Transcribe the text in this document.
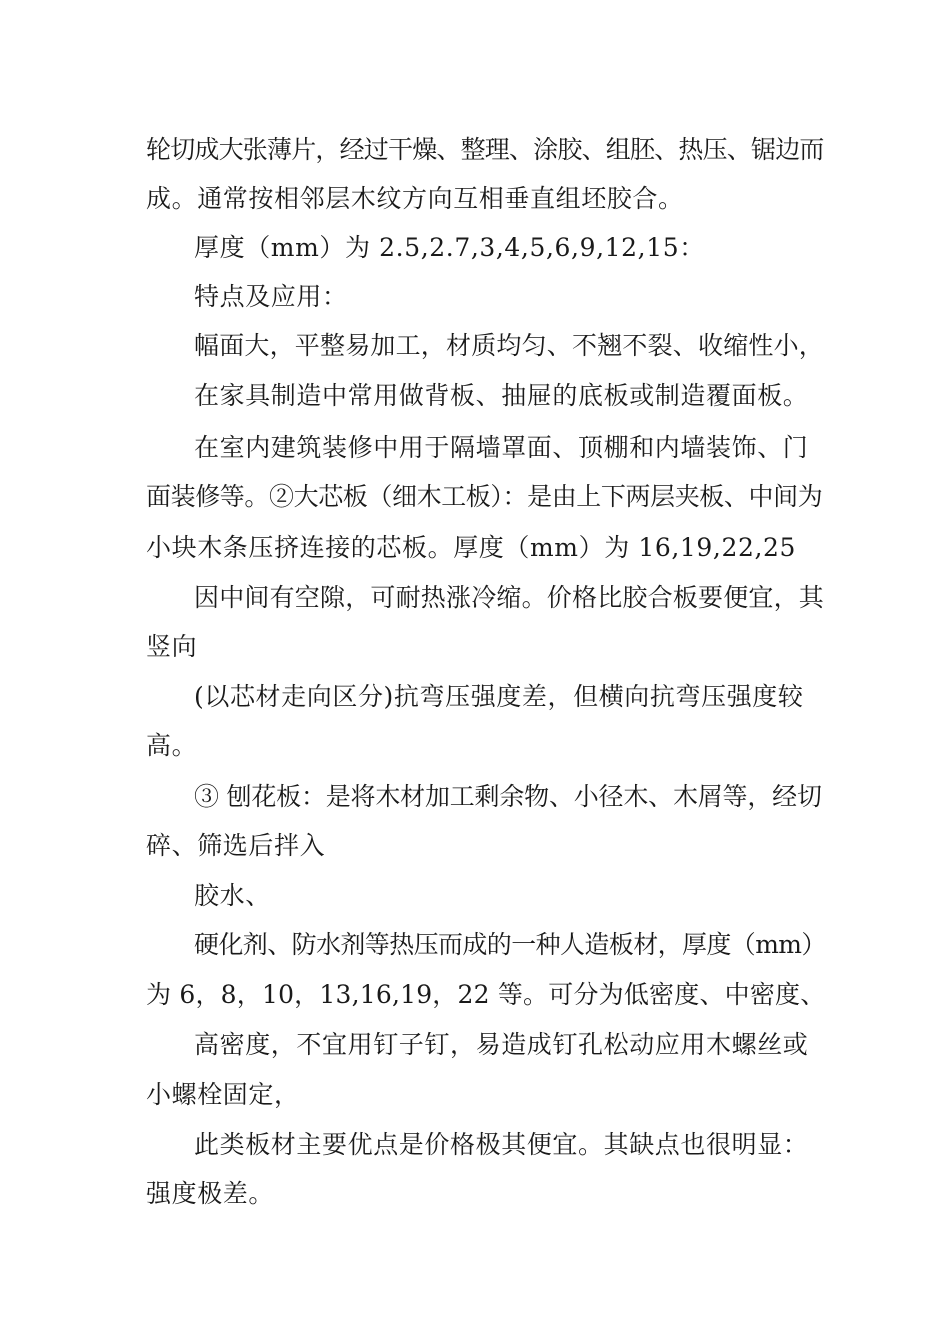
轮切成大张薄片，经过干燥、整理、涂胶、组胚、热压、锯边而

成。通常按相邻层木纹方向互相垂直组坯胶合。

厚度（mm）为 2.5,2.7,3,4,5,6,9,12,15：

特点及应用：

幅面大，平整易加工，材质均匀、不翘不裂、收缩性小，

在家具制造中常用做背板、抽屉的底板或制造覆面板。

在室内建筑装修中用于隔墙罩面、顶棚和内墙装饰、门

面装修等。②大芯板（细木工板）：是由上下两层夹板、中间为

小块木条压挤连接的芯板。厚度（mm）为 16,19,22,25

因中间有空隙，可耐热涨冷缩。价格比胶合板要便宜，其

竖向

(以芯材走向区分)抗弯压强度差，但横向抗弯压强度较

高。

③ 刨花板：是将木材加工剩余物、小径木、木屑等，经切

碎、筛选后拌入

胶水、

硬化剂、防水剂等热压而成的一种人造板材，厚度（mm）

为 6，8，10，13,16,19，22 等。可分为低密度、中密度、

高密度，不宜用钉子钉，易造成钉孔松动应用木螺丝或

小螺栓固定，

此类板材主要优点是价格极其便宜。其缺点也很明显：

强度极差。
